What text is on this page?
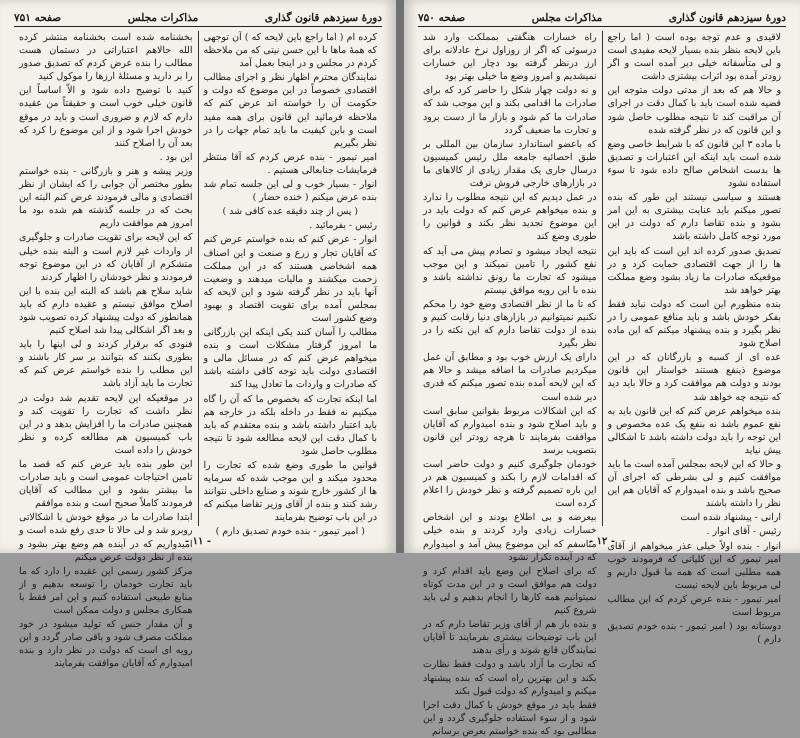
دورهٔ سیزدهم قانون گذاری
مذاکرات مجلس
صفحه ۷۵۱

کرده ام ( اما راجع باین لایحه که ) آن توجهی که همهٔ ماها با این حسن نیتی که من ملاحظه کردم در مجلس و در اینجا بعمل آمد

نمایندگان محترم اظهار نظر و اجرای مطالب اقتصادی خصوصاً در این موضوع که دولت و حکومت آن را خواسته اند عرض کنم که ملاحظه فرمائید این قانون برای همه مفید است و باین کیفیت ما باید تمام جهات را در نظر بگیریم

امیر تیمور - بنده عرض کردم که آقا منتظر فرمایشات جنابعالی هستیم .

انوار - بسیار خوب و لی این جلسه تمام شد بنده عرض میکنم ( خنده حضار )

( پس از چند دقیقه عده کافی شد )

رئیس - بفرمائید .

انوار - عرض کنم که بنده خواستم عرض کنم که آقایان تجار و زرع و صنعت و این اصناف همه اشخاصی هستند که در این مملکت زحمت میکشند و مالیات میدهند و وضعیت آنها باید در نظر گرفته شود و این لایحه که بمجلس آمده برای تقویت اقتصاد و بهبود وضع کشور است

مطالب را آسان کنند یکی اینکه این بازرگانی ما امروز گرفتار مشکلات است و بنده میخواهم عرض کنم که در مسائل مالی و اقتصادی دولت باید توجه کافی داشته باشد که صادرات و واردات ما تعادل پیدا کند

اما اینکه تجارت که بخصوص ما که آن را گاه میکنیم نه فقط در داخله بلکه در خارجه هم باید اعتبار داشته باشد و بنده معتقدم که باید با کمال دقت این لایحه مطالعه شود تا نتیجه مطلوب حاصل شود

قوانین ما طوری وضع شده که تجارت را محدود میکند و این موجب شده که سرمایه ها از کشور خارج شوند و صنایع داخلی نتوانند رشد کنند و بنده از آقای وزیر تقاضا میکنم که در این باب توضیح بفرمایند

( امیر تیمور - بنده خودم تصدیق دارم )

بخشنامه شده است بخشنامه منتشر کرده الله حالاهم اعتباراتی در دستمان هست مطالب را بنده عرض کردم که تصدیق صدور را بر دارید و مسئلهٔ ارزها را موکول کنید

کنید با توضیح داده شود و الاّ اساساً این قانون خیلی خوب است و حقیقتاً من عقیده دارم که لازم و ضروری است و باید در موقع خودش اجرا شود و از این موضوع را کرد که بعد آن را اصلاح کنند

این بود .

وزیر پیشه و هنر و بازرگانی - بنده خواستم بطور مختصر آن جوابی را که ایشان از نظر اقتصادی و مالی فرمودند عرض کنم البته این بحث که در جلسه گذشته هم شده بود ما امروز هم موافقت داریم

که این لایحه برای تقویت صادرات و جلوگیری از واردات غیر لازم است و البته بنده خیلی متشکرم از آقایان که در این موضوع توجه فرمودند و نظر خودشان را اظهار کردند

شاید سلاح هم باشد که البته این بنده با این اصلاح موافق نیستم و عقیده دارم که باید همانطور که دولت پیشنهاد کرده تصویب شود و بعد اگر اشکالی پیدا شد اصلاح کنیم

فنودی که برقرار کردند و لی اینها را باید بطوری بکنند که بتوانند بر سر کار باشند و این مطلب را بنده خواستم عرض کنم که تجارت ما باید آزاد باشد

در موقعیکه این لایحه تقدیم شد دولت در نظر داشت که تجارت را تقویت کند و همچنین صادرات ما را افزایش بدهد و در این باب کمیسیون هم مطالعه کرده و نظر خودش را داده است

این طور بنده باید عرض کنم که قصد ما تامین احتیاجات عمومی است و باید صادرات ما بیشتر بشود و این مطالب که آقایان فرمودند کاملاً صحیح است و بنده موافقم

ابتدا صادرات ما در موقع خودش با اشکالاتی روبرو شد و لی حالا تا حدی رفع شده است و امیدواریم که در آینده هم وضع بهتر بشود و بنده از نظر دولت عرض میکنم

مرکز کشور رسمی این عقیده را دارد که ما باید تجارت خودمان را توسعه بدهیم و از منابع طبیعی استفاده کنیم و این امر فقط با همکاری مجلس و دولت ممکن است

و آن مقدار جنس که تولید میشود در خود مملکت مصرف شود و باقی صادر گردد و این رویه ای است که دولت در نظر دارد و بنده امیدوارم که آقایان موافقت بفرمایند

- ۱۱ -
دورهٔ سیزدهم قانون گذاری
مذاکرات مجلس
صفحه ۷۵۰

لاقیدی و عدم توجه بوده است ( اما راجع باین لایحه بنظر بنده بسیار لایحه مفیدی است و لی متأسفانه خیلی دیر آمده است و اگر زودتر آمده بود اثرات بیشتری داشت

و حالا هم که بعد از مدتی دولت متوجه این قضیه شده است باید با کمال دقت در اجرای آن مراقبت کند تا نتیجه مطلوب حاصل شود و این قانون که در نظر گرفته شده

با ماده ۳ این قانون که با شرایط خاصی وضع شده است باید اینکه این اعتبارات و تصدیق ها بدست اشخاص صالح داده شود تا سوء استفاده نشود

هستند و سیاسی نیستند این طور که بنده تصور میکنم باید عنایت بیشتری به این امر بشود و بنده تقاضا دارم که دولت در این مورد توجه کامل داشته باشد

تصدیق صدور کرده اند این است که باید این ها را از جهت اقتصادی حمایت کرد و در موقعیکه صادرات ما زیاد بشود وضع مملکت بهتر خواهد شد

بنده منظورم این است که دولت نباید فقط بفکر خودش باشد و باید منافع عمومی را در نظر بگیرد و بنده پیشنهاد میکنم که این ماده اصلاح شود

عده ای از کسبه و بازرگانان که در این موضوع ذینفع هستند خواستار این قانون بودند و دولت هم موافقت کرد و حالا باید دید که نتیجه چه خواهد شد

بنده میخواهم عرض کنم که این قانون باید به نفع عموم باشد نه بنفع یک عده مخصوص و این توجه را باید دولت داشته باشد تا اشکالی پیش نیاید

و حالا که این لایحه بمجلس آمده است ما باید موافقت کنیم و لی بشرطی که اجرای آن صحیح باشد و بنده امیدوارم که آقایان هم این نظر را داشته باشند

ارانی - پیشنهاد شده است

رئیس - آقای انوار .

انوار - بنده اولاً خیلی عذر میخواهم از آقای امیر تیمور که این کلیاتی که فرمودند خوب همه مطلبی است که همه ما قبول داریم و لی مربوط باین لایحه نیست

امیر تیمور - بنده عرض کردم که این مطالب مربوط است

دوستانه بود ( امیر تیمور - بنده خودم تصدیق دارم )

راه خسارات هنگفتی بمملکت وارد شد درسوئی که اگر از روزاول نرخ عادلانه برای ارز درنظر گرفته بود دچار این خسارات نمیشدیم و امروز وضع ما خیلی بهتر بود

و نه دولت چهار شکل را حاضر کرد که برای صادرات ما اقدامی بکند و این موجب شد که صادرات ما کم شود و بازار ما از دست برود و تجارت ما ضعیف گردد

که باعضو استاندارد سازمان بین المللی بر طبق احصائیه جامعه ملل رئیس کمیسیون درسال جاری یک مقدار زیادی از کالاهای ما در بازارهای خارجی فروش نرفت

در عمل دیدیم که این نتیجه مطلوب را ندارد و بنده میخواهم عرض کنم که دولت باید در این موضوع تجدید نظر بکند و قوانین را طوری وضع کند

نتیجه ایجاد میشود و تصادم پیش می آید که نفع کشور را تامین نمیکند و این موجب میشود که تجارت ما رونق نداشته باشد و بنده با این رویه موافق نیستم

که تا ما از نظر اقتصادی وضع خود را محکم نکنیم نمیتوانیم در بازارهای دنیا رقابت کنیم و بنده از دولت تقاضا دارم که این نکته را در نظر بگیرد

دارای یک ارزش خوب بود و مطابق آن عمل میکردیم صادرات ما اضافه میشد و حالا هم که این لایحه آمده بنده تصور میکنم که قدری دیر شده است

که این اشکالات مربوط بقوانین سابق است و باید اصلاح شود و بنده امیدوارم که آقایان موافقت بفرمایند تا هرچه زودتر این قانون بتصویب برسد

خودمان جلوگیری کنیم و دولت حاضر است که اقدامات لازم را بکند و کمیسیون هم در این باره تصمیم گرفته و نظر خودش را اعلام کرده است

بیعرضه و بی اطلاع بودند و این اشخاص خسارات زیادی وارد کردند و بنده خیلی متاسفم که این موضوع پیش آمد و امیدوارم که در آینده تکرار نشود

که برای اصلاح این وضع باید اقدام کرد و دولت هم موافق است و در این مدت کوتاه نمیتوانیم همه کارها را انجام بدهیم و لی باید شروع کنیم

و بنده باز هم از آقای وزیر تقاضا دارم که در این باب توضیحات بیشتری بفرمایند تا آقایان نمایندگان قانع شوند و رأی بدهند

که تجارت ما آزاد باشد و دولت فقط نظارت بکند و این بهترین راه است که بنده پیشنهاد میکنم و امیدوارم که دولت قبول بکند

فقط باید در موقع خودش با کمال دقت اجرا شود و از سوء استفاده جلوگیری گردد و این مطالبی بود که بنده خواستم بعرض برسانم

- ۱۲ -
